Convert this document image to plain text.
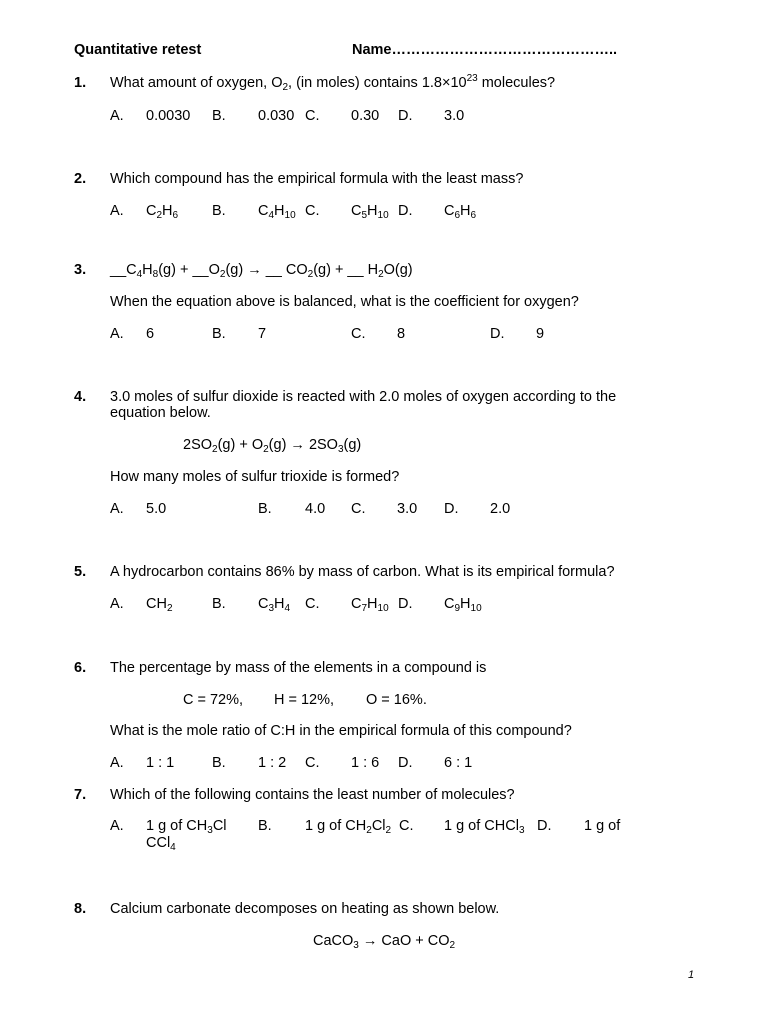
Quantitative retest	Name………………………………………..
1. What amount of oxygen, $O_2$, (in moles) contains $1.8\times 10^{23}$ molecules?
A. 0.0030 B. 0.030 C. 0.30 D. 3.0
2. Which compound has the empirical formula with the least mass?
A. $C_2H_6$ B. $C_4H_{10}$ C. $C_5H_{10}$ D. $C_6H_6$
3. $\_\_C_4H_8(g)$ + $\_\_O_2(g)$ → __ $CO_2(g)$ + __ $H_2O(g)$
When the equation above is balanced, what is the coefficient for oxygen?
A. 6	B. 7	C. 8	D. 9
4. 3.0 moles of sulfur dioxide is reacted with 2.0 moles of oxygen according to the
equation below.
$2SO_2(g) + O_2(g) \to 2SO_3(g)$
How many moles of sulfur trioxide is formed?
A. 5.0	B. 4.0 C. 3.0 D. 2.0
5. A hydrocarbon contains 86% by mass of carbon. What is its empirical formula?
A. $CH_2$	B. $C_3H_4$ C. $C_7H_{10}$ D. $C_9H_{10}$
6. The percentage by mass of the elements in a compound is
C = 72%, H = 12%, O = 16%.
What is the mole ratio of C:H in the empirical formula of this compound?
A. 1 : 1	B. 1 : 2 C. 1 : 6 D. 6 : 1
7. Which of the following contains the least number of molecules?
A. 1 g of $CH_3Cl$ B. 1 g of $CH_2Cl_2$ C. 1 g of CHCl$_3$ D. 1 g of
CCl$_4$
8. Calcium carbonate decomposes on heating as shown below.
CaCO$_3$ → CaO + $CO_2$
1
